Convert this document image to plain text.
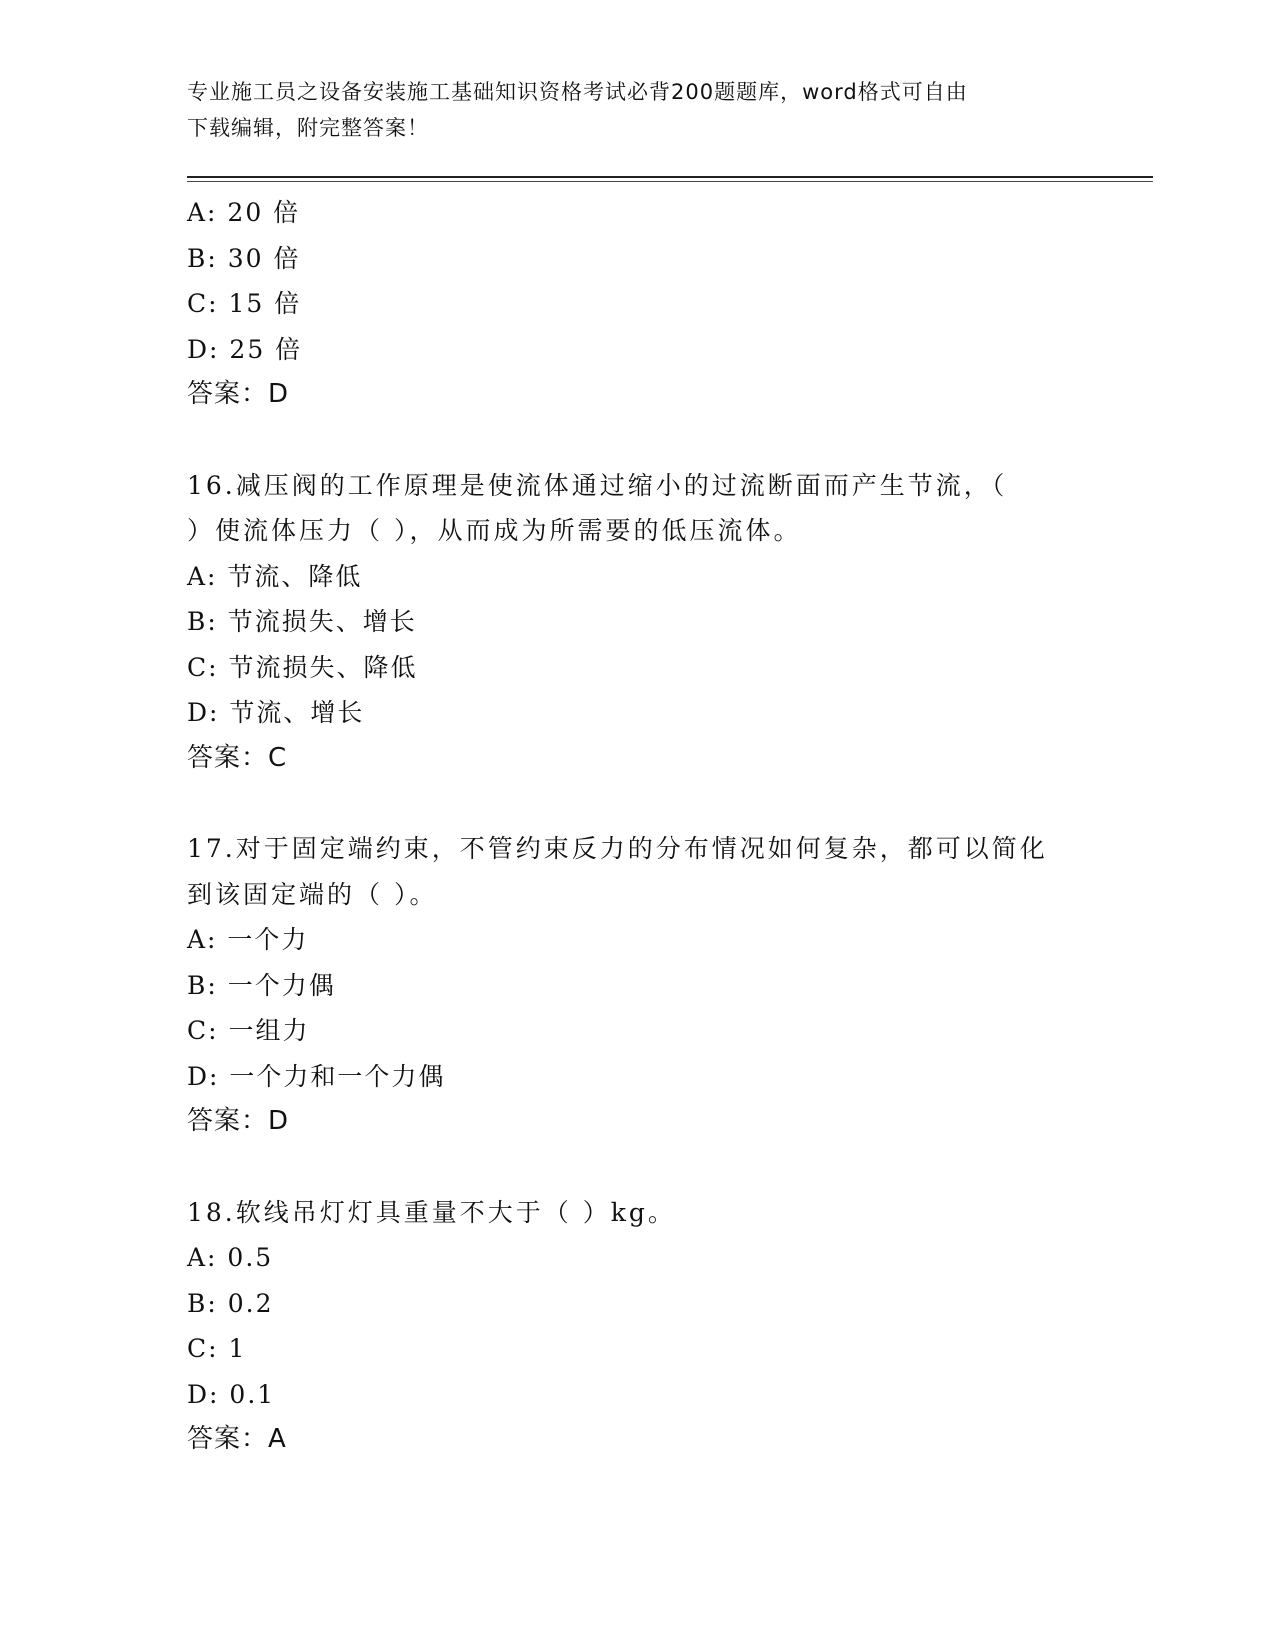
专业施工员之设备安装施工基础知识资格考试必背200题题库，word格式可自由
下载编辑，附完整答案！
A: 20 倍
B: 30 倍
C: 15 倍
D: 25 倍
答案：D
16.减压阀的工作原理是使流体通过缩小的过流断面而产生节流，（
）使流体压力（ ），从而成为所需要的低压流体。
A: 节流、降低
B: 节流损失、增长
C: 节流损失、降低
D: 节流、增长
答案：C
17.对于固定端约束，不管约束反力的分布情况如何复杂，都可以简化
到该固定端的（ ）。
A: 一个力
B: 一个力偶
C: 一组力
D: 一个力和一个力偶
答案：D
18.软线吊灯灯具重量不大于（ ）kg。
A: 0.5
B: 0.2
C: 1
D: 0.1
答案：A
